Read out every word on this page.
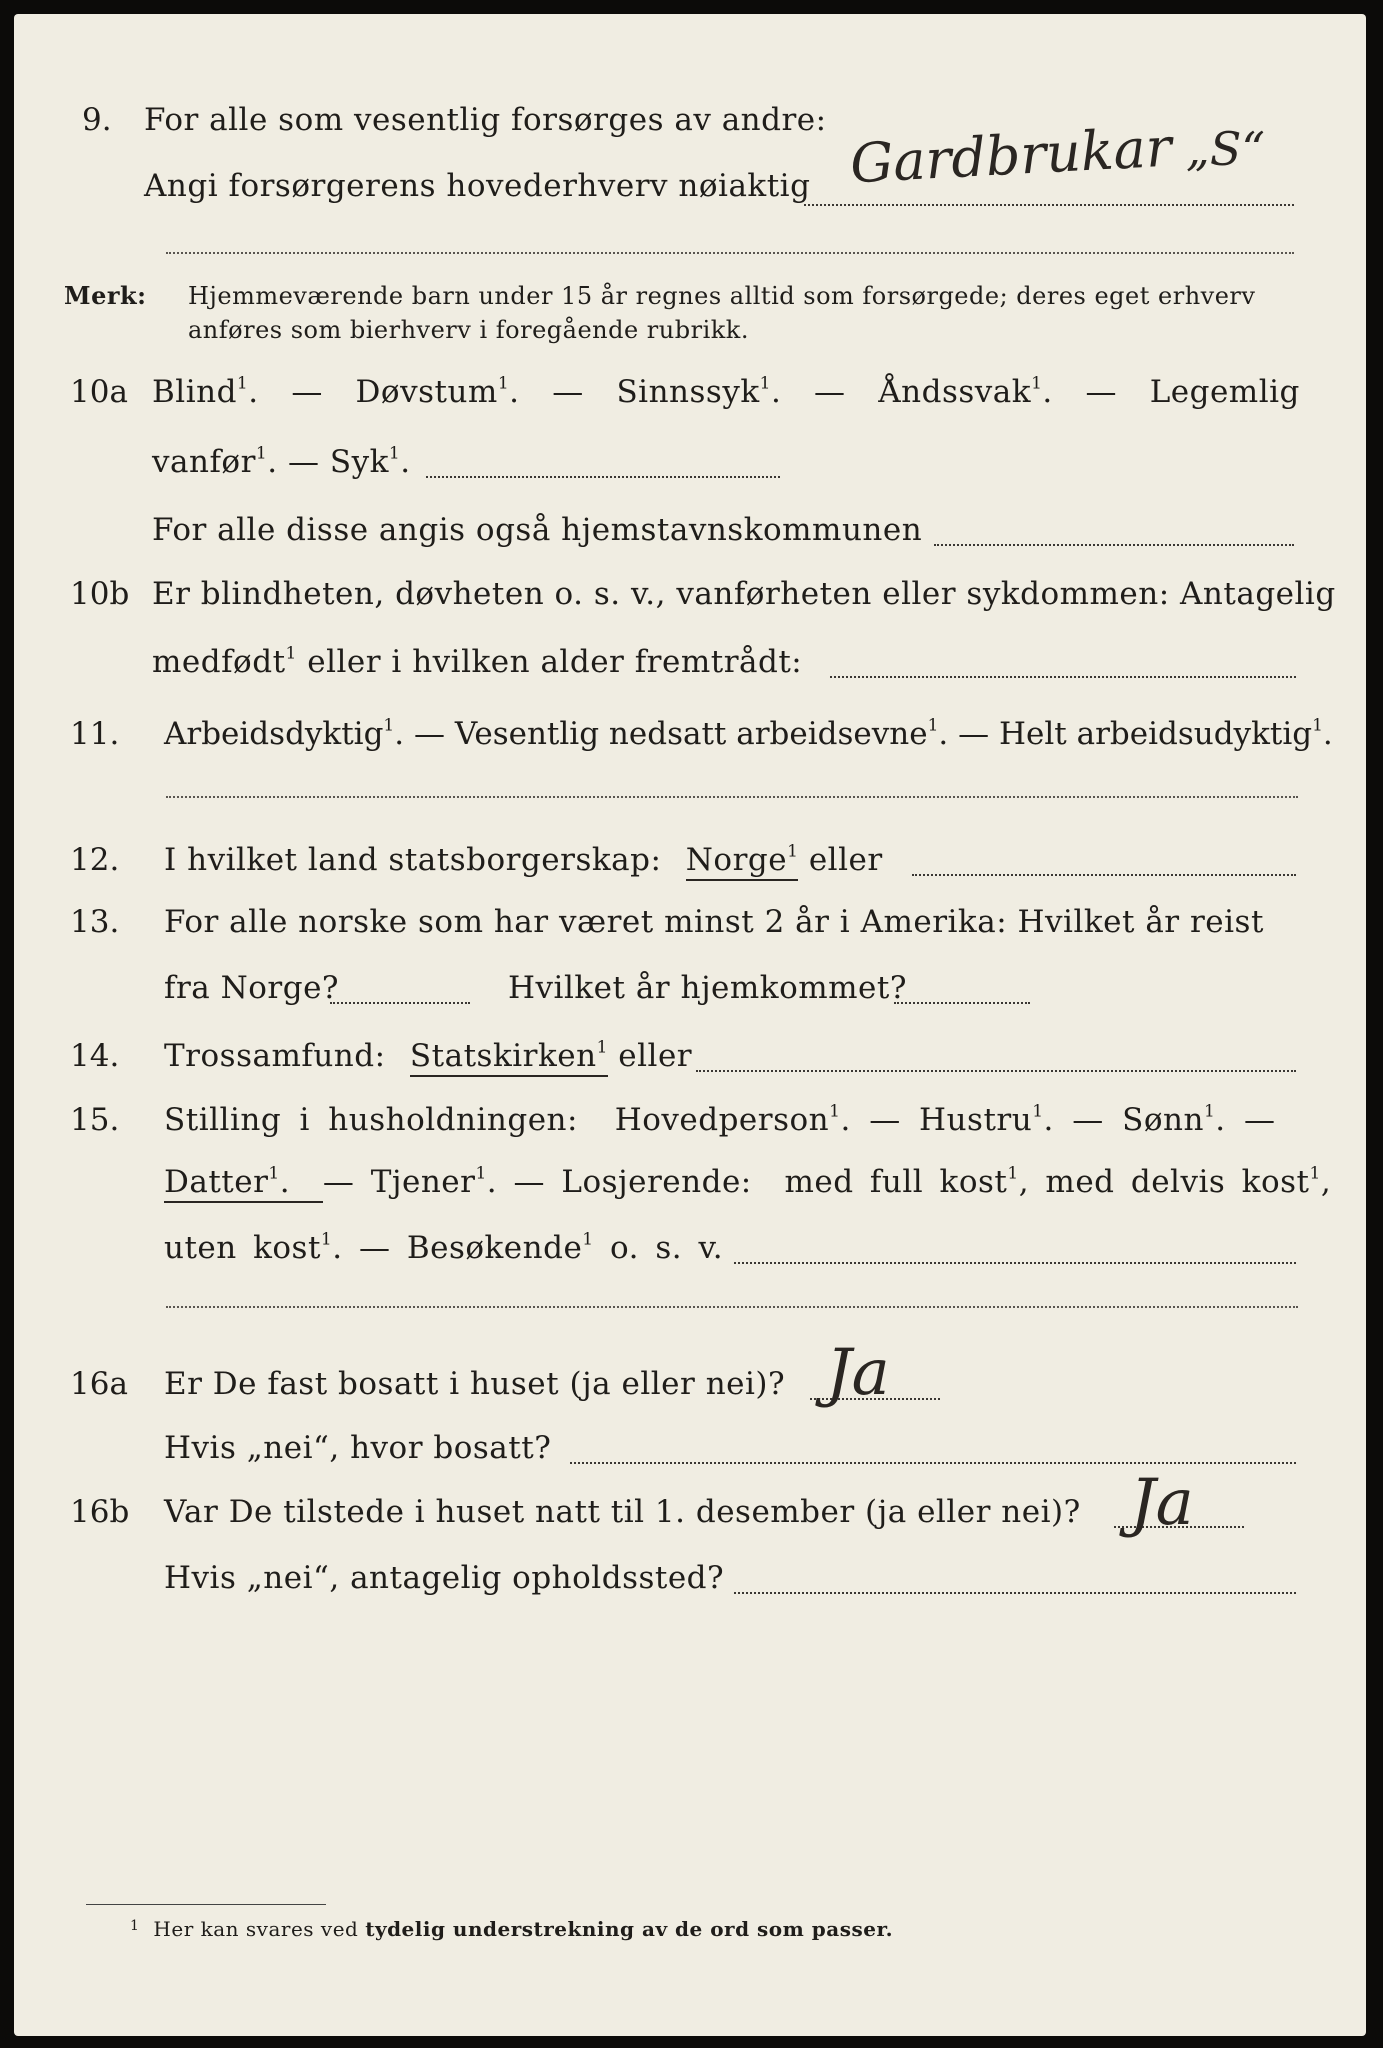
9. For alle som vesentlig forsørges av andre: Gardbrukar „S“
Angi forsørgerens hovederhverv nøiaktig
Merk: Hjemmeværende barn under 15 år regnes alltid som forsørgede; deres eget erhverv
anføres som bierhverv i foregående rubrikk.
10a Blind$^1$.  — Døvstum$^1$.  — Sinnssyk$^1$.  — Åndssvak$^1$.  — Legemlig
vanfør$^1$. — Syk$^1$.
For alle disse angis også hjemstavnskommunen
10b Er blindheten, døvheten o. s. v., vanførheten eller sykdommen: Antagelig
medfødt$^1$ eller i hvilken alder fremtrådt:
11. Arbeidsdyktig$^1$. — Vesentlig nedsatt arbeidsevne$^1$. — Helt arbeidsudyktig$^1$.
12. I hvilket land statsborgerskap: Norge$^1$ eller
13. For alle norske som har været minst 2 år i Amerika: Hvilket år reist
fra Norge?	Hvilket år hjemkommet?
14. Trossamfund: Statskirken$^1$ eller
15. Stilling i husholdningen: Hovedperson$^1$. — Hustru$^1$. — Sønn$^1$. —
Datter$^1$.  — Tjener$^1$. — Losjerende: med full kost$^1$, med delvis kost$^1$,
uten kost$^1$. — Besøkende$^1$ o. s. v.
16a Er De fast bosatt i huset (ja eller nei)? Ja
Hvis „nei“, hvor bosatt?
16b Var De tilstede i huset natt til 1. desember (ja eller nei)? Ja
Hvis „nei“, antagelig opholdssted?
$^1$ Her kan svares ved tydelig understrekning av de ord som passer.
